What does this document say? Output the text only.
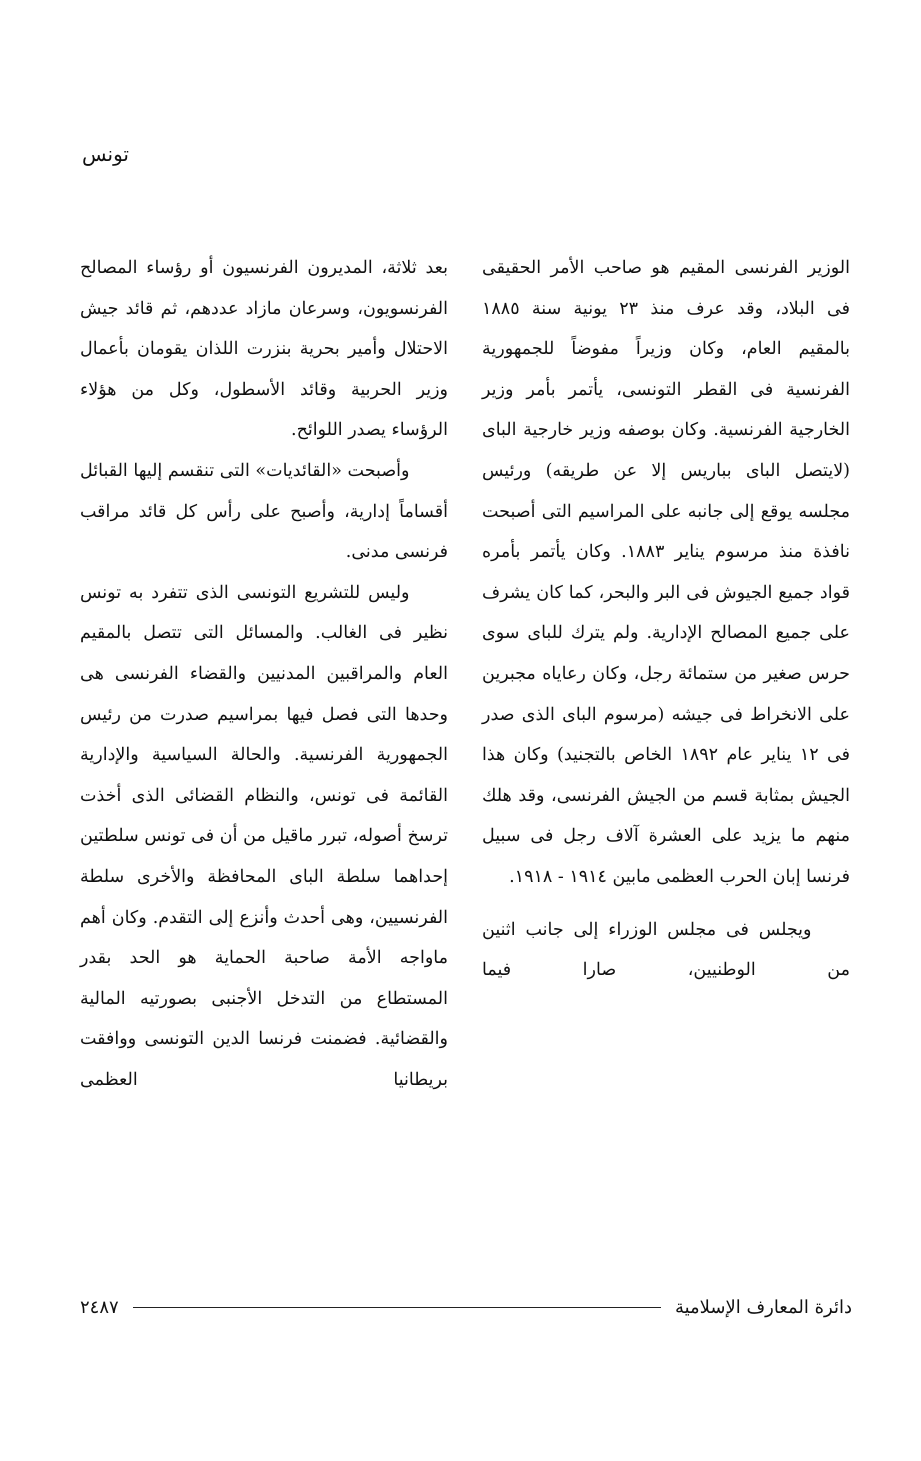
تونس

الوزير الفرنسى المقيم هو صاحب الأمر الحقيقى فى البلاد، وقد عرف منذ ٢٣ يونية سنة ١٨٨٥ بالمقيم العام، وكان وزيراً مفوضاً للجمهورية الفرنسية فى القطر التونسى، يأتمر بأمر وزير الخارجية الفرنسية. وكان بوصفه وزير خارجية الباى (لايتصل الباى بباريس إلا عن طريقه) ورئيس مجلسه يوقع إلى جانبه على المراسيم التى أصبحت نافذة منذ مرسوم يناير ١٨٨٣. وكان يأتمر بأمره قواد جميع الجيوش فى البر والبحر، كما كان يشرف على جميع المصالح الإدارية. ولم يترك للباى سوى حرس صغير من ستمائة رجل، وكان رعاياه مجبرين على الانخراط فى جيشه (مرسوم الباى الذى صدر فى ١٢ يناير عام ١٨٩٢ الخاص بالتجنيد) وكان هذا الجيش بمثابة قسم من الجيش الفرنسى، وقد هلك منهم ما يزيد على العشرة آلاف رجل فى سبيل فرنسا إبان الحرب العظمى مابين ١٩١٤ - ١٩١٨.

ويجلس فى مجلس الوزراء إلى جانب اثنين من الوطنيين، صارا فيما

بعد ثلاثة، المديرون الفرنسيون أو رؤساء المصالح الفرنسويون، وسرعان مازاد عددهم، ثم قائد جيش الاحتلال وأمير بحرية بنزرت اللذان يقومان بأعمال وزير الحربية وقائد الأسطول، وكل من هؤلاء الرؤساء يصدر اللوائح.

وأصبحت «القائديات» التى تنقسم إليها القبائل أقساماً إدارية، وأصبح على رأس كل قائد مراقب فرنسى مدنى.

وليس للتشريع التونسى الذى تتفرد به تونس نظير فى الغالب. والمسائل التى تتصل بالمقيم العام والمراقبين المدنيين والقضاء الفرنسى هى وحدها التى فصل فيها بمراسيم صدرت من رئيس الجمهورية الفرنسية. والحالة السياسية والإدارية القائمة فى تونس، والنظام القضائى الذى أخذت ترسخ أصوله، تبرر ماقيل من أن فى تونس سلطتين إحداهما سلطة الباى المحافظة والأخرى سلطة الفرنسيين، وهى أحدث وأنزع إلى التقدم. وكان أهم ماواجه الأمة صاحبة الحماية هو الحد بقدر المستطاع من التدخل الأجنبى بصورتيه المالية والقضائية. فضمنت فرنسا الدين التونسى ووافقت بريطانيا العظمى

دائرة المعارف الإسلامية
٢٤٨٧
